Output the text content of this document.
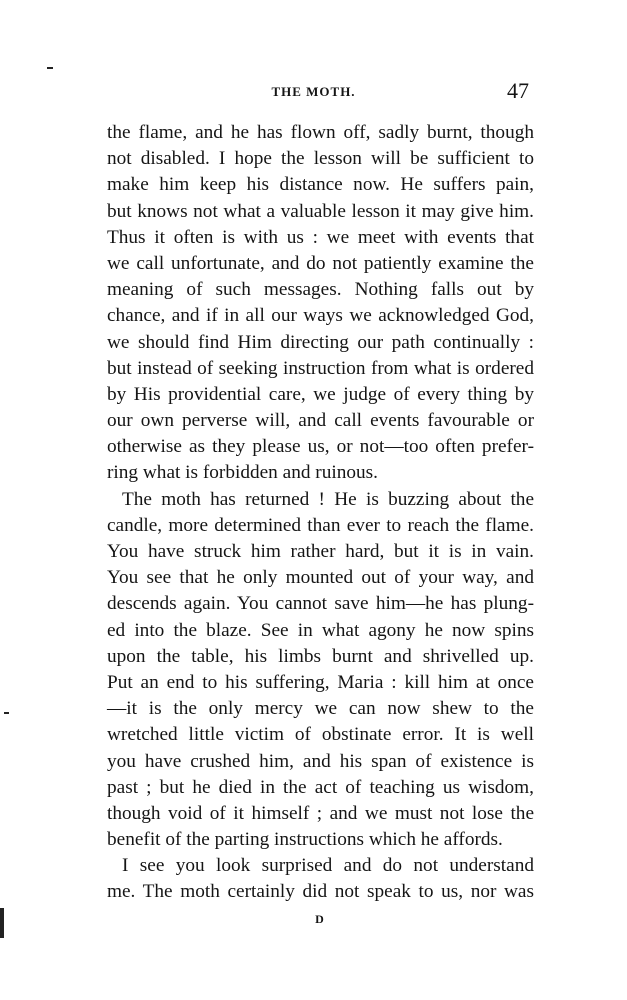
THE MOTH.	47
the flame, and he has flown off, sadly burnt, though
not disabled. I hope the lesson will be sufficient to
make him keep his distance now. He suffers pain,
but knows not what a valuable lesson it may give him.
Thus it often is with us : we meet with events that
we call unfortunate, and do not patiently examine the
meaning of such messages. Nothing falls out by
chance, and if in all our ways we acknowledged God,
we should find Him directing our path continually :
but instead of seeking instruction from what is ordered
by His providential care, we judge of every thing by
our own perverse will, and call events favourable or
otherwise as they please us, or not—too often prefer-
ring what is forbidden and ruinous.
The moth has returned ! He is buzzing about the
candle, more determined than ever to reach the flame.
You have struck him rather hard, but it is in vain.
You see that he only mounted out of your way, and
descends again. You cannot save him—he has plung-
ed into the blaze. See in what agony he now spins
upon the table, his limbs burnt and shrivelled up.
Put an end to his suffering, Maria : kill him at once
—it is the only mercy we can now shew to the
wretched little victim of obstinate error. It is well
you have crushed him, and his span of existence is
past ; but he died in the act of teaching us wisdom,
though void of it himself ; and we must not lose the
benefit of the parting instructions which he affords.
I see you look surprised and do not understand
me. The moth certainly did not speak to us, nor was
D
